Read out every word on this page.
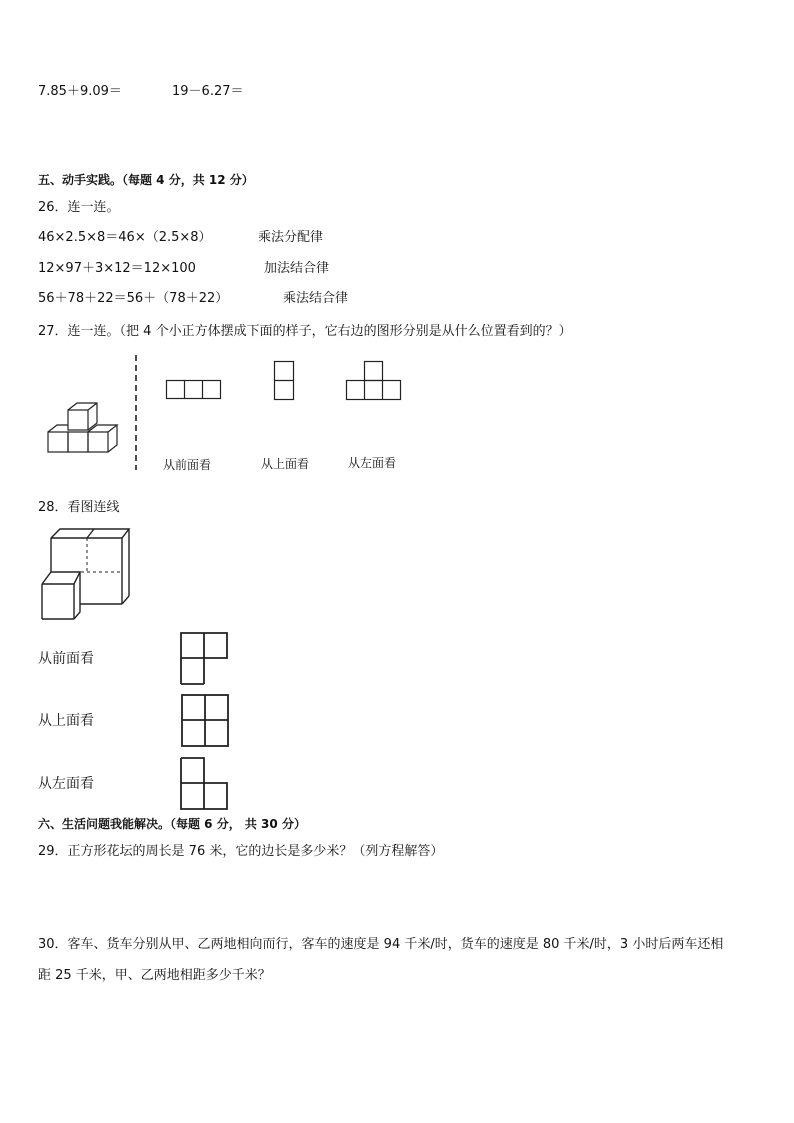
7.85＋9.09＝	19－6.27＝
五、动手实践。（每题 4 分，共 12 分）
26．连一连。
46×2.5×8＝46×（2.5×8）	乘法分配律
12×97＋3×12＝12×100	加法结合律
56＋78＋22＝56＋（78＋22）	乘法结合律
27．连一连。（把 4 个小正方体摆成下面的样子，它右边的图形分别是从什么位置看到的？）
从前面看	从上面看	从左面看
28．看图连线
从前面看
从上面看
从左面看
六、生活问题我能解决。（每题 6 分， 共 30 分）
29．正方形花坛的周长是 76 米，它的边长是多少米？（列方程解答）
30．客车、货车分别从甲、乙两地相向而行，客车的速度是 94 千米/时，货车的速度是 80 千米/时，3 小时后两车还相
距 25 千米，甲、乙两地相距多少千米？
